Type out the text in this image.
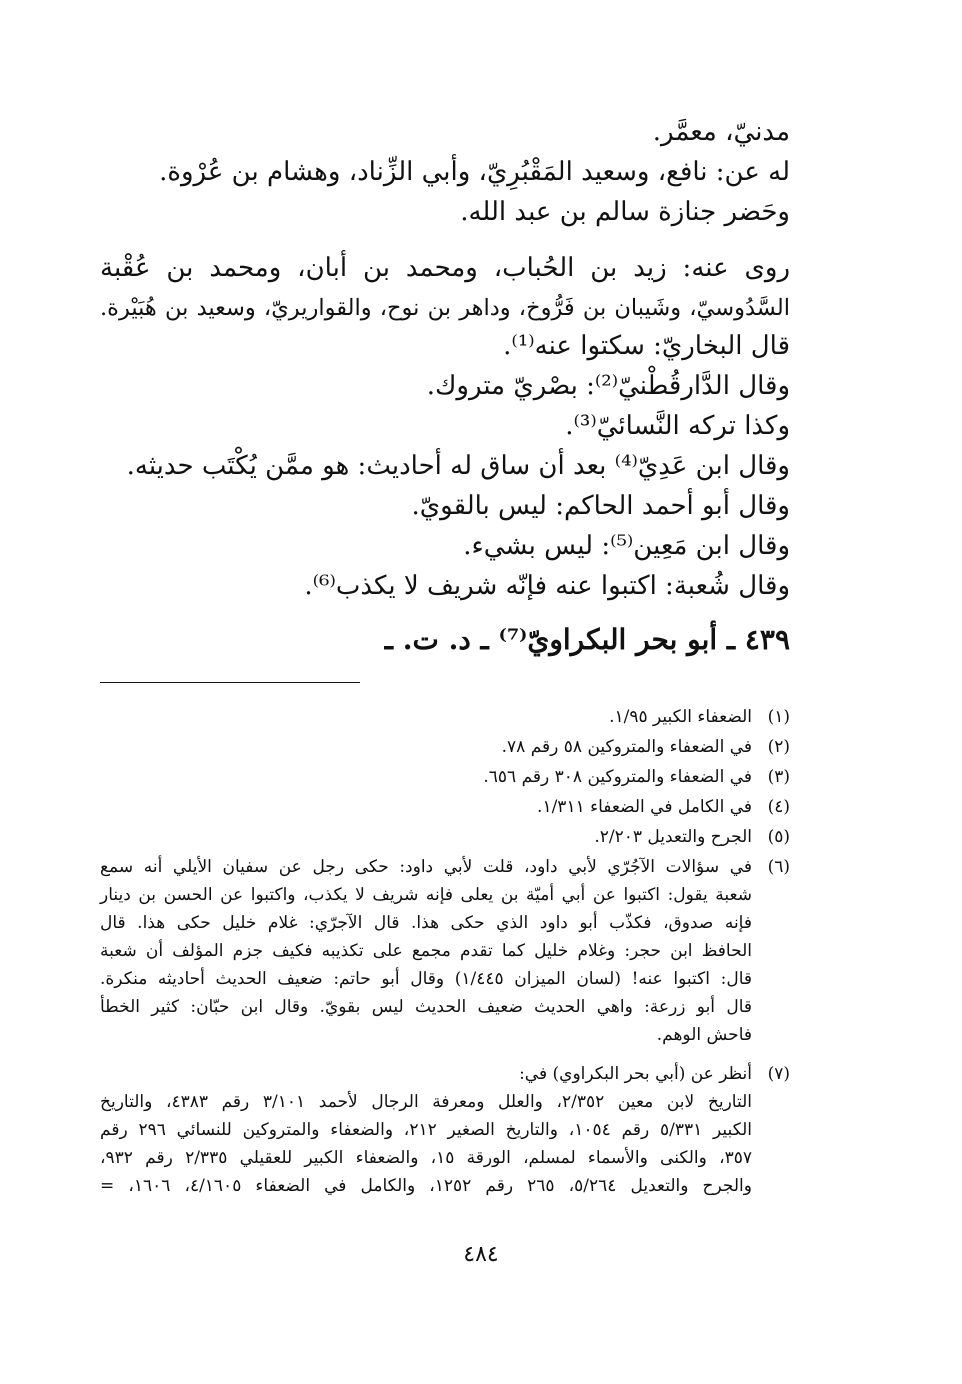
مدنيّ، معمَّر.
له عن: نافع، وسعيد المَقْبُرِيّ، وأبي الزِّناد، وهشام بن عُرْوة.
وحَضر جنازة سالم بن عبد الله.
روى عنه: زيد بن الحُباب، ومحمد بن أبان، ومحمد بن عُقْبة
السَّدُوسيّ، وشَيبان بن فَرُّوخ، وداهر بن نوح، والقواريريّ، وسعيد بن هُبَيْرة.
قال البخاريّ: سكتوا عنه⁽¹⁾.
وقال الدَّارقُطْنيّ⁽²⁾: بصْريّ متروك.
وكذا تركه النَّسائيّ⁽³⁾.
وقال ابن عَدِيّ⁽⁴⁾ بعد أن ساق له أحاديث: هو ممَّن يُكْتَب حديثه.
وقال أبو أحمد الحاكم: ليس بالقويّ.
وقال ابن مَعِين⁽⁵⁾: ليس بشيء.
وقال شُعبة: اكتبوا عنه فإنّه شريف لا يكذب⁽⁶⁾.
٤٣٩ ـ أبو بحر البكراويّ⁽⁷⁾ ـ د. ت. ـ
(١)
الضعفاء الكبير ١/٩٥.
(٢)
في الضعفاء والمتروكين ٥٨ رقم ٧٨.
(٣)
في الضعفاء والمتروكين ٣٠٨ رقم ٦٥٦.
(٤)
في الكامل في الضعفاء ١/٣١١.
(٥)
الجرح والتعديل ٢/٢٠٣.
(٦)
في سؤالات الآجُرّي لأبي داود، قلت لأبي داود: حكى رجل عن سفيان الأيلي أنه سمع
شعبة يقول: اكتبوا عن أبي أميّة بن يعلى فإنه شريف لا يكذب، واكتبوا عن الحسن بن دينار
فإنه صدوق، فكذّب أبو داود الذي حكى هذا. قال الآجرّي: غلام خليل حكى هذا. قال
الحافظ ابن حجر: وغلام خليل كما تقدم مجمع على تكذيبه فكيف جزم المؤلف أن شعبة
قال: اكتبوا عنه! (لسان الميزان ١/٤٤٥) وقال أبو حاتم: ضعيف الحديث أحاديثه منكرة.
قال أبو زرعة: واهي الحديث ضعيف الحديث ليس بقويّ. وقال ابن حبّان: كثير الخطأ
فاحش الوهم.
(٧)
أنظر عن (أبي بحر البكراوي) في:
التاريخ لابن معين ٢/٣٥٢، والعلل ومعرفة الرجال لأحمد ٣/١٠١ رقم ٤٣٨٣، والتاريخ
الكبير ٥/٣٣١ رقم ١٠٥٤، والتاريخ الصغير ٢١٢، والضعفاء والمتروكين للنسائي ٢٩٦ رقم
٣٥٧، والكنى والأسماء لمسلم، الورقة ١٥، والضعفاء الكبير للعقيلي ٢/٣٣٥ رقم ٩٣٢،
والجرح والتعديل ٥/٢٦٤، ٢٦٥ رقم ١٢٥٢، والكامل في الضعفاء ٤/١٦٠٥، ١٦٠٦، =
٤٨٤
